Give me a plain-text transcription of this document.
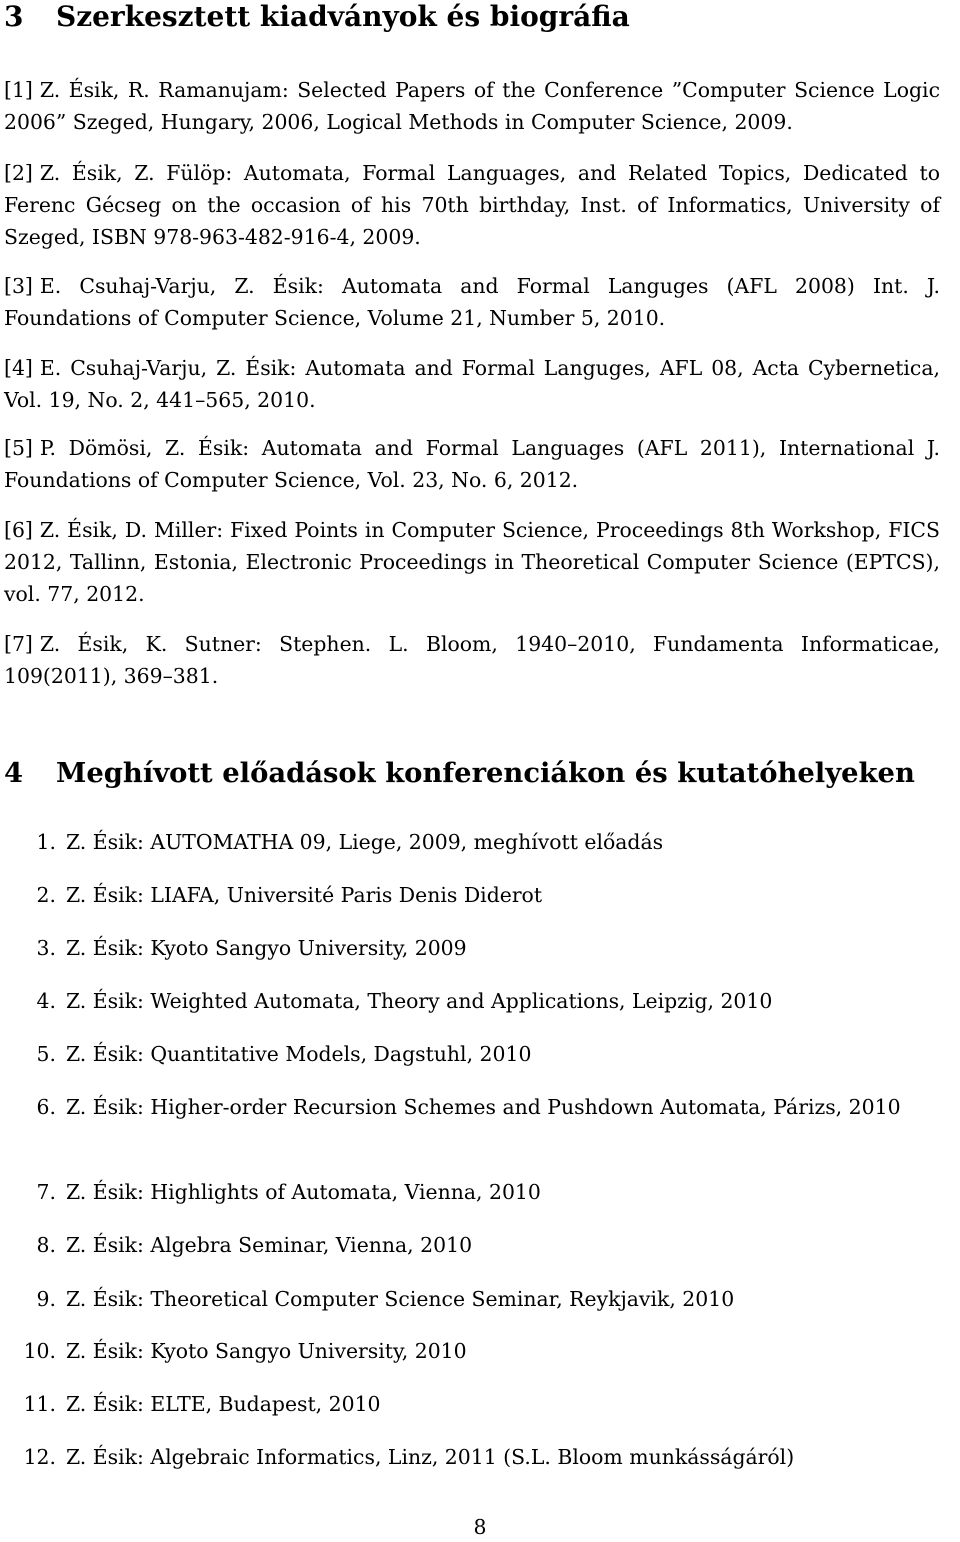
3 Szerkesztett kiadványok és biográfia

[1] Z. Ésik, R. Ramanujam: Selected Papers of the Conference ”Computer Science Logic 2006” Szeged, Hungary, 2006, Logical Methods in Computer Science, 2009.

[2] Z. Ésik, Z. Fülöp: Automata, Formal Languages, and Related Topics, Dedicated to Ferenc Gécseg on the occasion of his 70th birthday, Inst. of Informatics, University of Szeged, ISBN 978-963-482-916-4, 2009.

[3] E. Csuhaj-Varju, Z. Ésik: Automata and Formal Languges (AFL 2008) Int. J. Foundations of Computer Science, Volume 21, Number 5, 2010.

[4] E. Csuhaj-Varju, Z. Ésik: Automata and Formal Languges, AFL 08, Acta Cybernetica, Vol. 19, No. 2, 441–565, 2010.

[5] P. Dömösi, Z. Ésik: Automata and Formal Languages (AFL 2011), International J. Foundations of Computer Science, Vol. 23, No. 6, 2012.

[6] Z. Ésik, D. Miller: Fixed Points in Computer Science, Proceedings 8th Workshop, FICS 2012, Tallinn, Estonia, Electronic Proceedings in Theoretical Computer Science (EPTCS), vol. 77, 2012.

[7] Z. Ésik, K. Sutner: Stephen. L. Bloom, 1940–2010, Fundamenta Informaticae, 109(2011), 369–381.

4 Meghívott előadások konferenciákon és kutatóhelyeken

1. Z. Ésik: AUTOMATHA 09, Liege, 2009, meghívott előadás

2. Z. Ésik: LIAFA, Université Paris Denis Diderot

3. Z. Ésik: Kyoto Sangyo University, 2009

4. Z. Ésik: Weighted Automata, Theory and Applications, Leipzig, 2010

5. Z. Ésik: Quantitative Models, Dagstuhl, 2010

6. Z. Ésik: Higher-order Recursion Schemes and Pushdown Automata, Párizs, 2010

7. Z. Ésik: Highlights of Automata, Vienna, 2010

8. Z. Ésik: Algebra Seminar, Vienna, 2010

9. Z. Ésik: Theoretical Computer Science Seminar, Reykjavik, 2010

10. Z. Ésik: Kyoto Sangyo University, 2010

11. Z. Ésik: ELTE, Budapest, 2010

12. Z. Ésik: Algebraic Informatics, Linz, 2011 (S.L. Bloom munkásságáról)

8
